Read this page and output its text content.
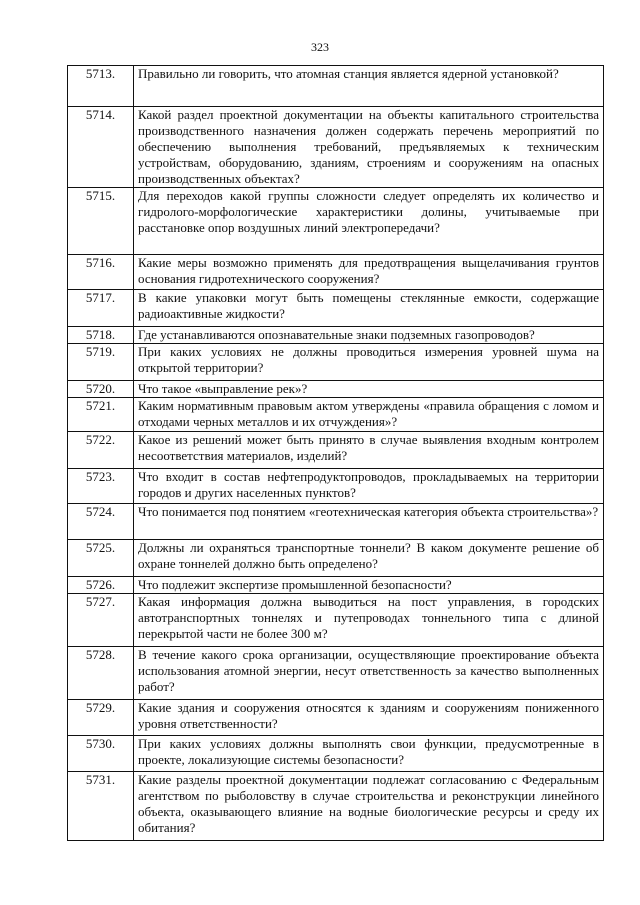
323
5713.	Правильно ли говорить, что атомная станция является ядерной установкой?
5714.	Какой раздел проектной документации на объекты капитального строительства производственного назначения должен содержать перечень мероприятий по обеспечению выполнения требований, предъявляемых к техническим устройствам, оборудованию, зданиям, строениям и сооружениям на опасных производственных объектах?
5715.	Для переходов какой группы сложности следует определять их количество и гидролого-морфологические характеристики долины, учитываемые при расстановке опор воздушных линий электропередачи?
5716.	Какие меры возможно применять для предотвращения выщелачивания грунтов основания гидротехнического сооружения?
5717.	В какие упаковки могут быть помещены стеклянные емкости, содержащие радиоактивные жидкости?
5718.	Где устанавливаются опознавательные знаки подземных газопроводов?
5719.	При каких условиях не должны проводиться измерения уровней шума на открытой территории?
5720.	Что такое «выправление рек»?
5721.	Каким нормативным правовым актом утверждены «правила обращения с ломом и отходами черных металлов и их отчуждения»?
5722.	Какое из решений может быть принято в случае выявления входным контролем несоответствия материалов, изделий?
5723.	Что входит в состав нефтепродуктопроводов, прокладываемых на территории городов и других населенных пунктов?
5724.	Что понимается под понятием «геотехническая категория объекта строительства»?
5725.	Должны ли охраняться транспортные тоннели? В каком документе решение об охране тоннелей должно быть определено?
5726.	Что подлежит экспертизе промышленной безопасности?
5727.	Какая информация должна выводиться на пост управления, в городских автотранспортных тоннелях и путепроводах тоннельного типа с длиной перекрытой части не более 300 м?
5728.	В течение какого срока организации, осуществляющие проектирование объекта использования атомной энергии, несут ответственность за качество выполненных работ?
5729.	Какие здания и сооружения относятся к зданиям и сооружениям пониженного уровня ответственности?
5730.	При каких условиях должны выполнять свои функции, предусмотренные в проекте, локализующие системы безопасности?
5731.	Какие разделы проектной документации подлежат согласованию с Федеральным агентством по рыболовству в случае строительства и реконструкции линейного объекта, оказывающего влияние на водные биологические ресурсы и среду их обитания?
